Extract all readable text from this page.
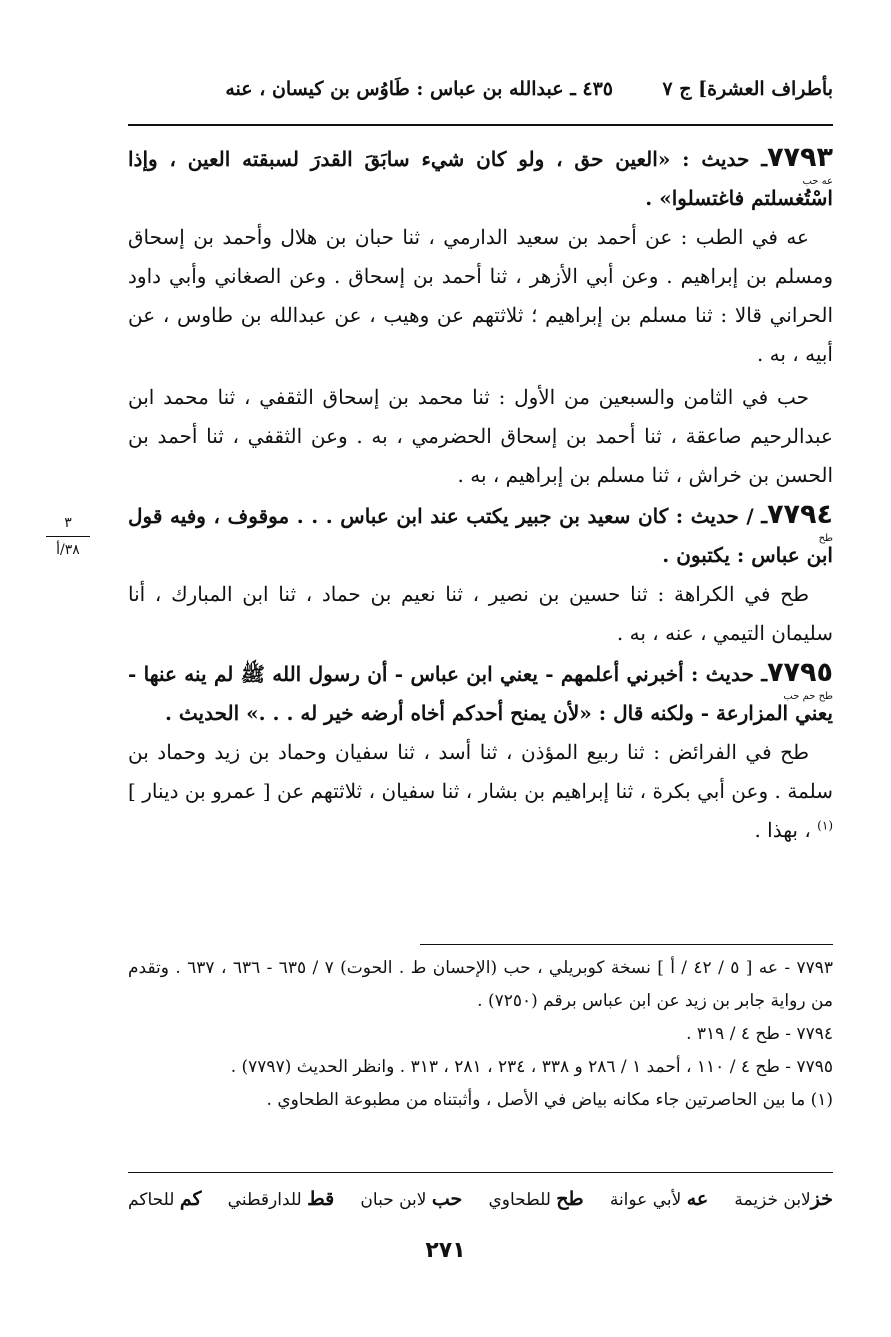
بأطراف العشرة] ج ٧
٤٣٥ ـ عبدالله بن عباس : طَاوُس بن كيسان ، عنه

٧٧٩٣
عه حب
ـ حديث : «العين حق ، ولو كان شيء سابَقَ القدرَ لسبقته العين ، وإذا اسْتُغسلتم فاغتسلوا» .

عه في الطب : عن أحمد بن سعيد الدارمي ، ثنا حبان بن هلال وأحمد بن إسحاق ومسلم بن إبراهيم . وعن أبي الأزهر ، ثنا أحمد بن إسحاق . وعن الصغاني وأبي داود الحراني قالا : ثنا مسلم بن إبراهيم ؛ ثلاثتهم عن وهيب ، عن عبدالله بن طاوس ، عن أبيه ، به .

حب في الثامن والسبعين من الأول : ثنا محمد بن إسحاق الثقفي ، ثنا محمد ابن عبدالرحيم صاعقة ، ثنا أحمد بن إسحاق الحضرمي ، به . وعن الثقفي ، ثنا أحمد بن الحسن بن خراش ، ثنا مسلم بن إبراهيم ، به .

٧٧٩٤
طح
ـ / حديث : كان سعيد بن جبير يكتب عند ابن عباس . . . موقوف ، وفيه قول ابن عباس : يكتبون .

طح في الكراهة : ثنا حسين بن نصير ، ثنا نعيم بن حماد ، ثنا ابن المبارك ، أنا سليمان التيمي ، عنه ، به .

٧٧٩٥
طح حم حب
ـ حديث : أخبرني أعلمهم - يعني ابن عباس - أن رسول الله ﷺ لم ينه عنها - يعني المزارعة - ولكنه قال : «لأن يمنح أحدكم أخاه أرضه خير له . . .» الحديث .

طح في الفرائض : ثنا ربيع المؤذن ، ثنا أسد ، ثنا سفيان وحماد بن زيد وحماد بن سلمة . وعن أبي بكرة ، ثنا إبراهيم بن بشار ، ثنا سفيان ، ثلاثتهم عن [ عمرو بن دينار ]$^{(١)}$ ، بهذا .

٣
٣٨/أ

٧٧٩٣ - عه [ ٥ / ٤٢ / أ ] نسخة كوبريلي ، حب (الإحسان ط . الحوت) ٧ / ٦٣٥ - ٦٣٦ ، ٦٣٧ . وتقدم من رواية جابر بن زيد عن ابن عباس برقم (٧٢٥٠) .

٧٧٩٤ - طح ٤ / ٣١٩ .

٧٧٩٥ - طح ٤ / ١١٠ ، أحمد ١ / ٢٨٦ و ٣٣٨ ، ٢٣٤ ، ٢٨١ ، ٣١٣ . وانظر الحديث (٧٧٩٧) .

(١) ما بين الحاصرتين جاء مكانه بياض في الأصل ، وأثبتناه من مطبوعة الطحاوي .

خزلابن خزيمة
عه لأبي عوانة
طح للطحاوي
حب لابن حبان
قط للدارقطني
كم للحاكم
٢٧١
